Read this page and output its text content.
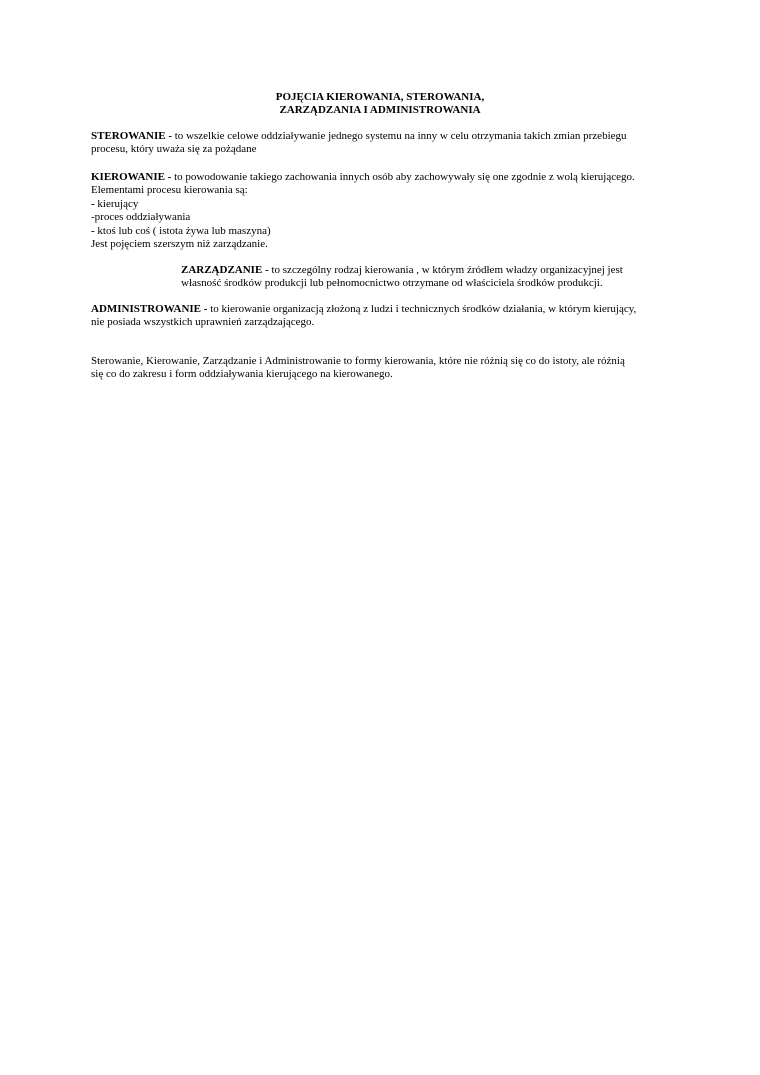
POJĘCIA KIEROWANIA, STEROWANIA,
ZARZĄDZANIA I ADMINISTROWANIA
STEROWANIE - to wszelkie celowe oddziaływanie jednego systemu na inny w celu otrzymania takich zmian przebiegu
procesu, który uważa się za pożądane
KIEROWANIE - to powodowanie takiego zachowania innych osób aby zachowywały się one zgodnie z wolą kierującego.
Elementami procesu kierowania są:
- kierujący
-proces oddziaływania
- ktoś lub coś ( istota żywa lub maszyna)
Jest pojęciem szerszym niż zarządzanie.
ZARZĄDZANIE - to szczególny rodzaj kierowania , w którym źródłem władzy organizacyjnej jest
własność środków produkcji lub pełnomocnictwo otrzymane od właściciela środków produkcji.
ADMINISTROWANIE - to kierowanie organizacją złożoną z ludzi i technicznych środków działania, w którym kierujący,
nie posiada wszystkich uprawnień zarządzającego.
Sterowanie, Kierowanie, Zarządzanie i Administrowanie to formy kierowania, które nie różnią się co do istoty, ale różnią
się co do zakresu i form oddziaływania kierującego na kierowanego.
